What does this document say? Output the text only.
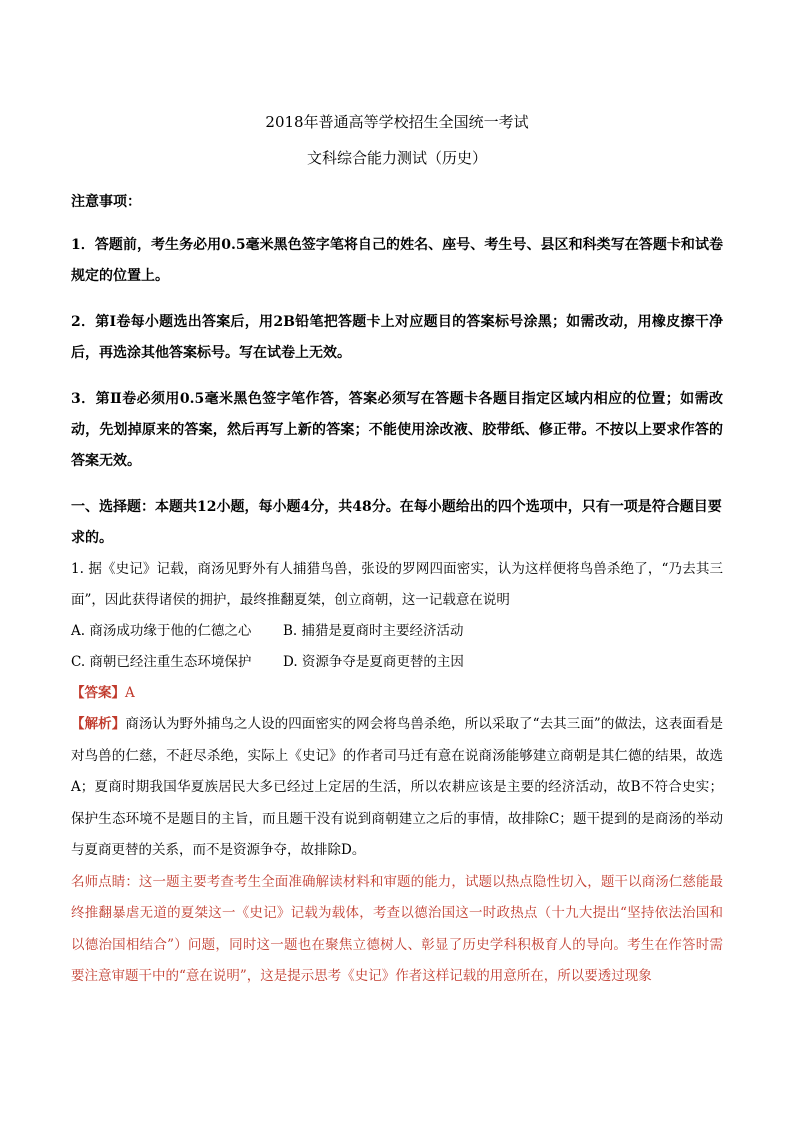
2018年普通高等学校招生全国统一考试

文科综合能力测试（历史）

注意事项：

1．答题前，考生务必用0.5毫米黑色签字笔将自己的姓名、座号、考生号、县区和科类写在答题卡和试卷规定的位置上。

2．第Ⅰ卷每小题选出答案后，用2B铅笔把答题卡上对应题目的答案标号涂黑；如需改动，用橡皮擦干净后，再选涂其他答案标号。写在试卷上无效。

3．第Ⅱ卷必须用0.5毫米黑色签字笔作答，答案必须写在答题卡各题目指定区域内相应的位置；如需改动，先划掉原来的答案，然后再写上新的答案；不能使用涂改液、胶带纸、修正带。不按以上要求作答的答案无效。

一、选择题：本题共12小题，每小题4分，共48分。在每小题给出的四个选项中，只有一项是符合题目要求的。

1. 据《史记》记载，商汤见野外有人捕猎鸟兽，张设的罗网四面密实，认为这样便将鸟兽杀绝了，“乃去其三面”，因此获得诸侯的拥护，最终推翻夏桀，创立商朝，这一记载意在说明

A. 商汤成功缘于他的仁德之心 B. 捕猎是夏商时主要经济活动
C. 商朝已经注重生态环境保护 D. 资源争夺是夏商更替的主因
【答案】A

【解析】商汤认为野外捕鸟之人设的四面密实的网会将鸟兽杀绝，所以采取了“去其三面”的做法，这表面看是对鸟兽的仁慈，不赶尽杀绝，实际上《史记》的作者司马迁有意在说商汤能够建立商朝是其仁德的结果，故选A；夏商时期我国华夏族居民大多已经过上定居的生活，所以农耕应该是主要的经济活动，故B不符合史实；保护生态环境不是题目的主旨，而且题干没有说到商朝建立之后的事情，故排除C；题干提到的是商汤的举动与夏商更替的关系，而不是资源争夺，故排除D。

名师点睛：这一题主要考查考生全面准确解读材料和审题的能力，试题以热点隐性切入，题干以商汤仁慈能最终推翻暴虐无道的夏桀这一《史记》记载为载体，考查以德治国这一时政热点（十九大提出“坚持依法治国和以德治国相结合”）问题，同时这一题也在聚焦立德树人、彰显了历史学科积极育人的导向。考生在作答时需要注意审题干中的“意在说明”，这是提示思考《史记》作者这样记载的用意所在，所以要透过现象
